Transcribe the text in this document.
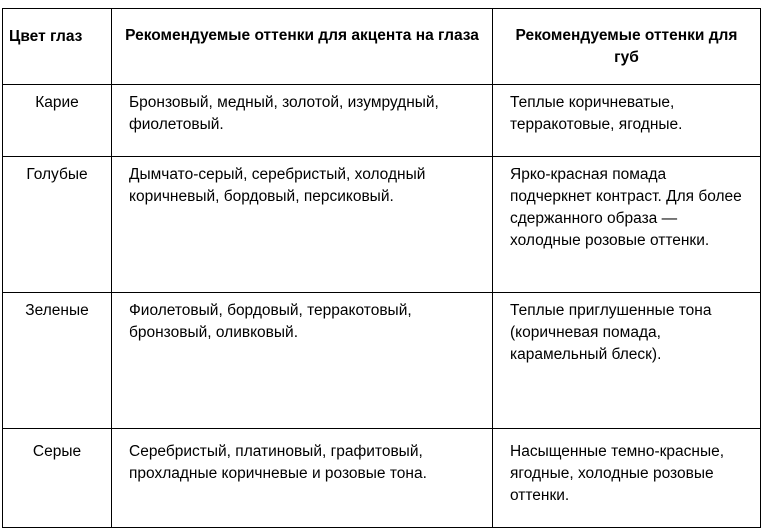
Цвет глаз	Рекомендуемые оттенки для акцента на глаза	Рекомендуемые оттенки для губ
Карие	Бронзовый, медный, золотой, изумрудный, фиолетовый.	Теплые коричневатые, терракотовые, ягодные.
Голубые	Дымчато-серый, серебристый, холодный коричневый, бордовый, персиковый.	Ярко-красная помада подчеркнет контраст. Для более сдержанного образа — холодные розовые оттенки.
Зеленые	Фиолетовый, бордовый, терракотовый, бронзовый, оливковый.	Теплые приглушенные тона (коричневая помада, карамельный блеск).
Серые	Серебристый, платиновый, графитовый, прохладные коричневые и розовые тона.	Насыщенные темно-красные, ягодные, холодные розовые оттенки.
